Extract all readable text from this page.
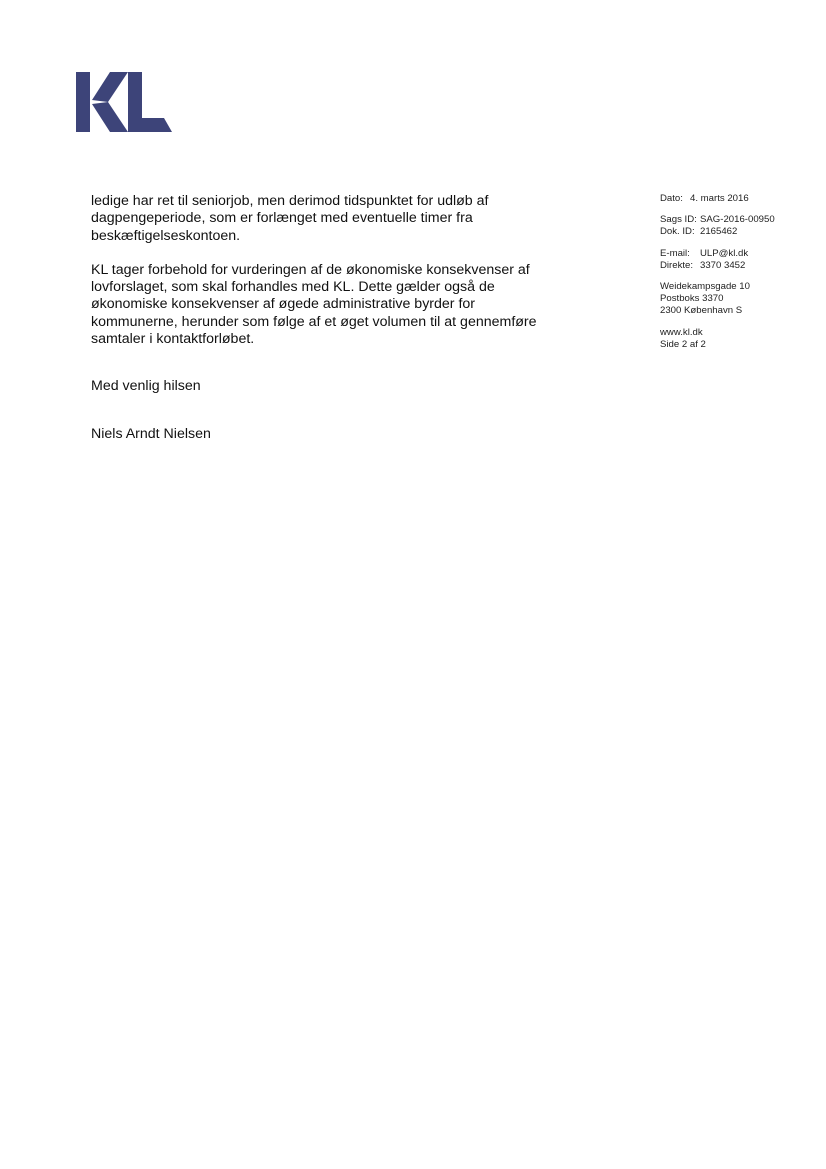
ledige har ret til seniorjob, men derimod tidspunktet for udløb af dagpengeperiode, som er forlænget med eventuelle timer fra beskæftigelseskontoen.

KL tager forbehold for vurderingen af de økonomiske konsekvenser af lovforslaget, som skal forhandles med KL. Dette gælder også de økonomiske konsekvenser af øgede administrative byrder for kommunerne, herunder som følge af et øget volumen til at gennemføre samtaler i kontaktforløbet.

Med venlig hilsen

Niels Arndt Nielsen

Dato: 4. marts 2016
Sags ID: SAG-2016-00950
Dok. ID: 2165462
E-mail: ULP@kl.dk
Direkte: 3370 3452
Weidekampsgade 10
Postboks 3370
2300 København S
www.kl.dk
Side 2 af 2
